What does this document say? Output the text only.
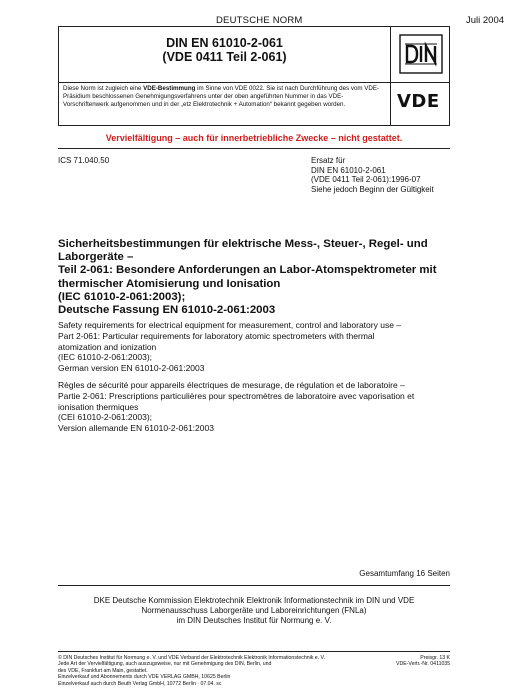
DEUTSCHE NORM	Juli 2004
DIN EN 61010-2-061
(VDE 0411 Teil 2-061)
Diese Norm ist zugleich eine VDE-Bestimmung im Sinne von VDE 0022. Sie ist nach Durchführung des vom VDE-Präsidium beschlossenen Genehmigungsverfahrens unter der oben angeführten Nummer in das VDE-Vorschriftenwerk aufgenommen und in der „etz Elektrotechnik + Automation“ bekannt gegeben worden.	VDE
Vervielfältigung – auch für innerbetriebliche Zwecke – nicht gestattet.
ICS 71.040.50	Ersatz für
DIN EN 61010-2-061
(VDE 0411 Teil 2-061):1996-07
Siehe jedoch Beginn der Gültigkeit
Sicherheitsbestimmungen für elektrische Mess-, Steuer-, Regel- und
Laborgeräte –
Teil 2-061: Besondere Anforderungen an Labor-Atomspektrometer mit
thermischer Atomisierung und Ionisation
(IEC 61010-2-061:2003);
Deutsche Fassung EN 61010-2-061:2003
Safety requirements for electrical equipment for measurement, control and laboratory use –
Part 2-061: Particular requirements for laboratory atomic spectrometers with thermal
atomization and ionization
(IEC 61010-2-061:2003);
German version EN 61010-2-061:2003
Règles de sécurité pour appareils électriques de mesurage, de régulation et de laboratoire –
Partie 2-061: Prescriptions particulières pour spectromètres de laboratoire avec vaporisation et
ionisation thermiques
(CEI 61010-2-061:2003);
Version allemande EN 61010-2-061:2003
Gesamtumfang 16 Seiten
DKE Deutsche Kommission Elektrotechnik Elektronik Informationstechnik im DIN und VDE
Normenausschuss Laborgeräte und Laboreinrichtungen (FNLa)
im DIN Deutsches Institut für Normung e. V.
© DIN Deutsches Institut für Normung e. V. und VDE Verband der Elektrotechnik Elektronik Informationstechnik e. V.
Jede Art der Vervielfältigung, auch auszugsweise, nur mit Genehmigung des DIN, Berlin, und
des VDE, Frankfurt am Main, gestattet.
Einzelverkauf und Abonnements durch VDE VERLAG GMBH, 10625 Berlin
Einzelverkauf auch durch Beuth Verlag GmbH, 10772 Berlin · 07.04. sc
Preisgr. 13 K
VDE-Vertr.-Nr. 0411035
